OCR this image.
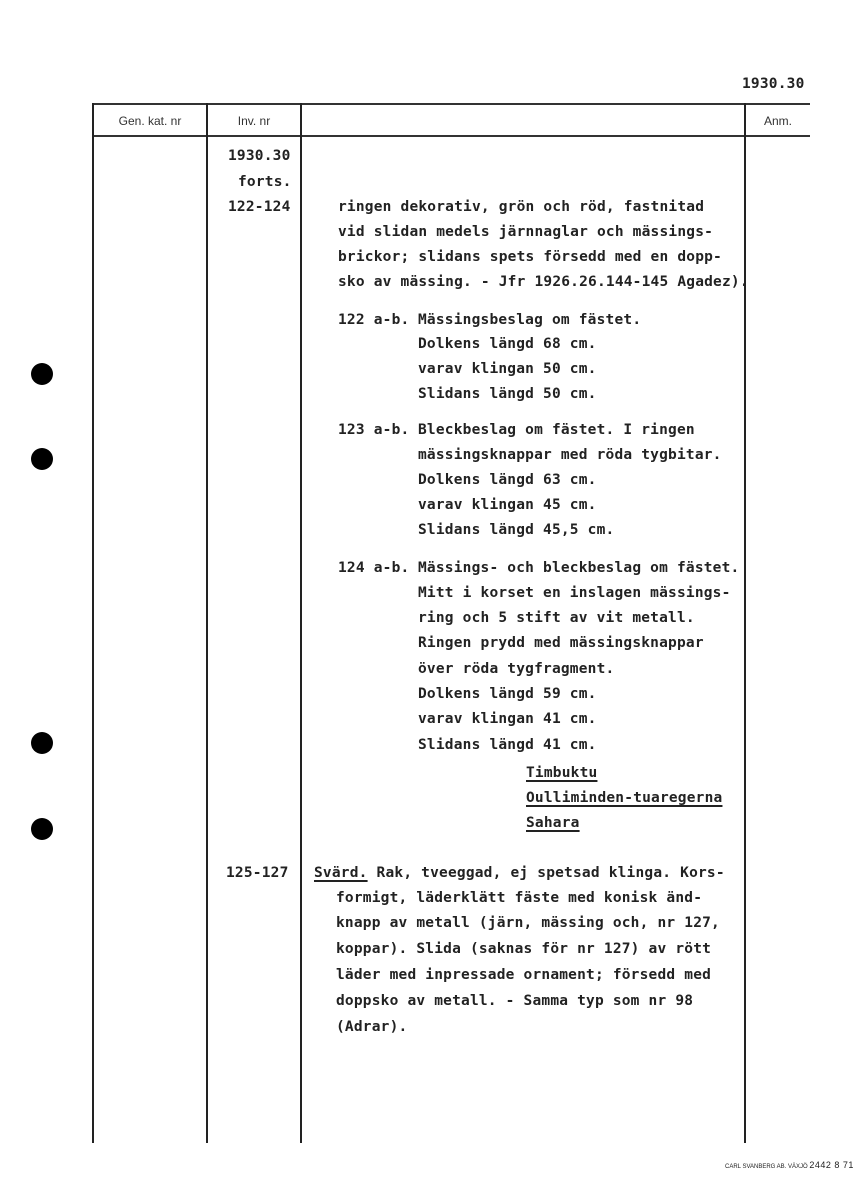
1930.30
Gen. kat. nr	Inv. nr	Anm.
1930.30
forts.
122-124	ringen dekorativ, grön och röd, fastnitad
vid slidan medels järnnaglar och mässings-
brickor; slidans spets försedd med en dopp-
sko av mässing. - Jfr 1926.26.144-145 Agadez).
122 a-b. Mässingsbeslag om fästet.
Dolkens längd 68 cm.
varav klingan 50 cm.
Slidans längd 50 cm.
123 a-b. Bleckbeslag om fästet. I ringen
mässingsknappar med röda tygbitar.
Dolkens längd 63 cm.
varav klingan 45 cm.
Slidans längd 45,5 cm.
124 a-b. Mässings- och bleckbeslag om fästet.
Mitt i korset en inslagen mässings-
ring och 5 stift av vit metall.
Ringen prydd med mässingsknappar
över röda tygfragment.
Dolkens längd 59 cm.
varav klingan 41 cm.
Slidans längd 41 cm.
Timbuktu
Oulliminden-tuaregerna
Sahara
125-127 Svärd. Rak, tveeggad, ej spetsad klinga. Kors-
formigt, läderklätt fäste med konisk änd-
knapp av metall (järn, mässing och, nr 127,
koppar). Slida (saknas för nr 127) av rött
läder med inpressade ornament; försedd med
doppsko av metall. - Samma typ som nr 98
(Adrar).
CARL SVANBERG AB. VÄXJÖ 2442 8 71
